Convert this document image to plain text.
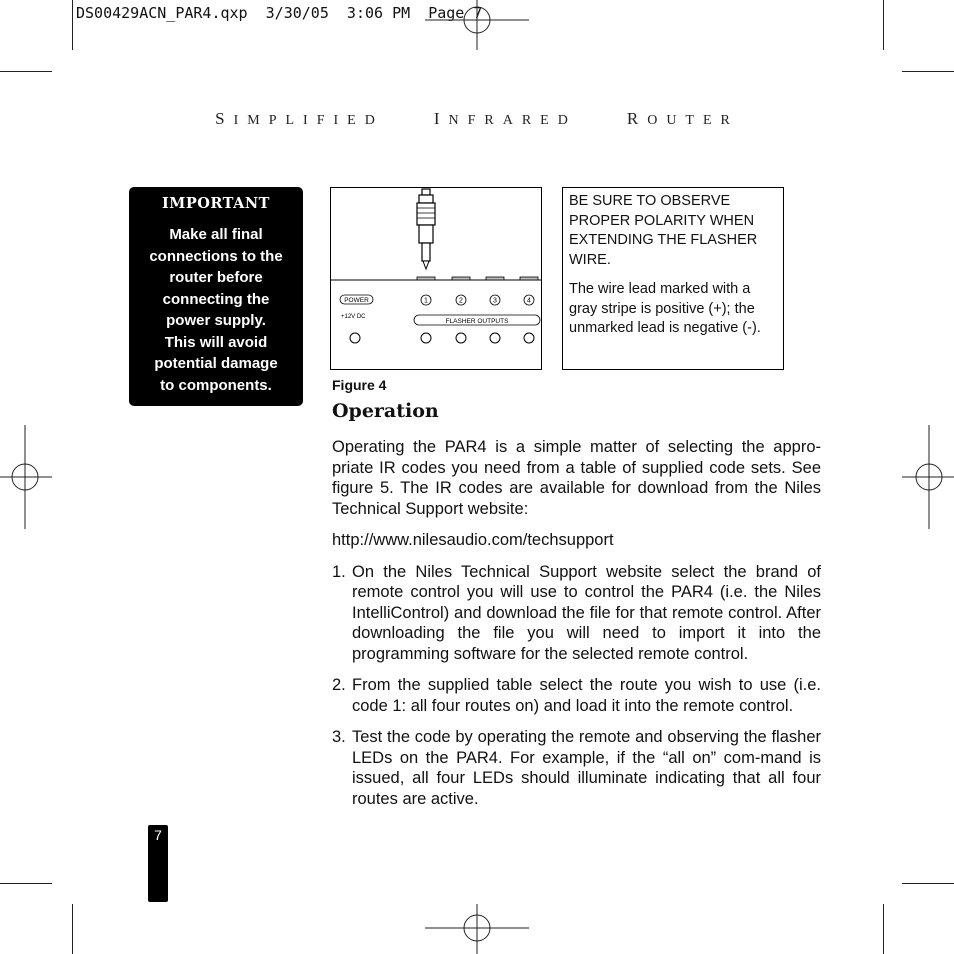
DS00429ACN_PAR4.qxp  3/30/05  3:06 PM  Page 7
SIMPLIFIED	INFRARED	ROUTER
IMPORTANT
Make all final
connections to the
router before
connecting the
power supply.
This will avoid
potential damage
to components.
POWER
+12V DC
1	2	3	4
FLASHER OUTPUTS

BE SURE TO OBSERVE PROPER POLARITY WHEN EXTENDING THE FLASHER WIRE.

The wire lead marked with a gray stripe is positive (+); the unmarked lead is negative (-).

Figure 4
Operation

Operating the PAR4 is a simple matter of selecting the appro-priate IR codes you need from a table of supplied code sets. See figure 5. The IR codes are available for download from the Niles Technical Support website:

http://www.nilesaudio.com/techsupport

1. On the Niles Technical Support website select the brand of remote control you will use to control the PAR4 (i.e. the Niles IntelliControl) and download the file for that remote control. After downloading the file you will need to import it into the programming software for the selected remote control.
2. From the supplied table select the route you wish to use (i.e. code 1: all four routes on) and load it into the remote control.
3. Test the code by operating the remote and observing the flasher LEDs on the PAR4. For example, if the “all on” com-mand is issued, all four LEDs should illuminate indicating that all four routes are active.
7
